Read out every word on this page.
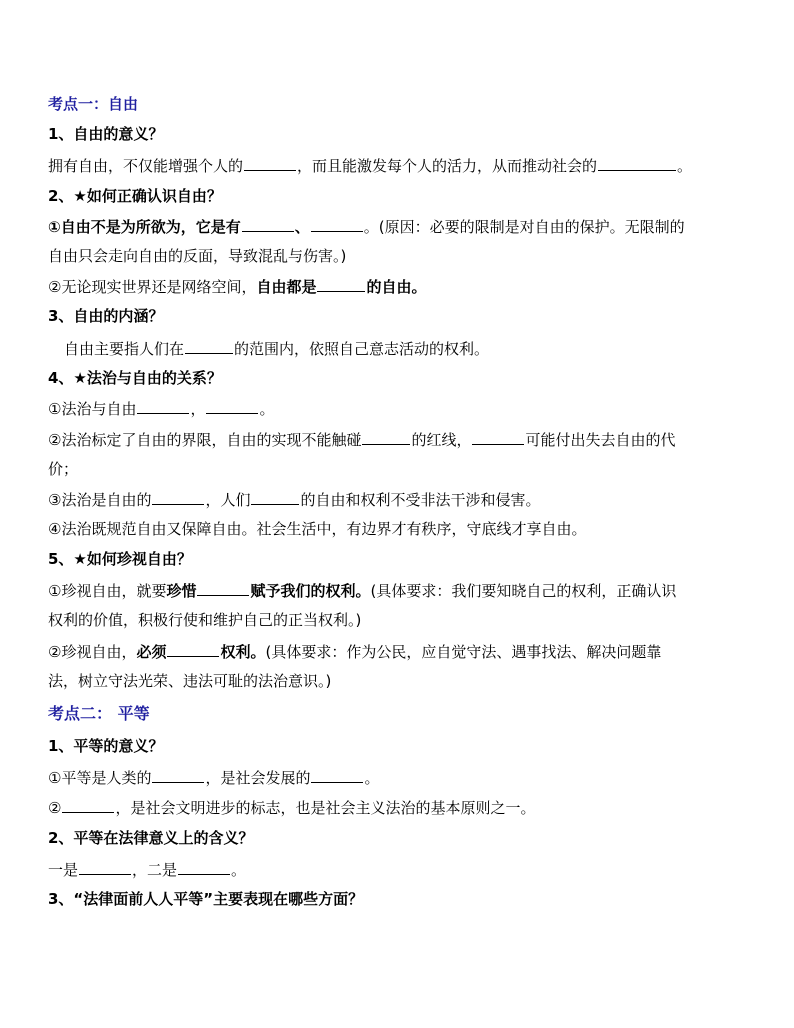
考点一：自由
1、自由的意义？
拥有自由，不仅能增强个人的	，而且能激发每个人的活力，从而推动社会的	。
2、★如何正确认识自由？
①自由不是为所欲为，它是有	、	。(原因：必要的限制是对自由的保护。无限制的
自由只会走向自由的反面，导致混乱与伤害。)
②无论现实世界还是网络空间，自由都是	的自由。
3、自由的内涵？
自由主要指人们在	的范围内，依照自己意志活动的权利。
4、★法治与自由的关系？
①法治与自由	，	。
②法治标定了自由的界限，自由的实现不能触碰	的红线，	可能付出失去自由的代
价；
③法治是自由的	，人们	的自由和权利不受非法干涉和侵害。
④法治既规范自由又保障自由。社会生活中，有边界才有秩序，守底线才享自由。
5、★如何珍视自由？
①珍视自由，就要珍惜	赋予我们的权利。(具体要求：我们要知晓自己的权利，正确认识
权利的价值，积极行使和维护自己的正当权利。)
②珍视自由，必须	权利。(具体要求：作为公民，应自觉守法、遇事找法、解决问题靠
法，树立守法光荣、违法可耻的法治意识。)
考点二： 平等
1、平等的意义？
①平等是人类的	，是社会发展的	。
②	，是社会文明进步的标志，也是社会主义法治的基本原则之一。
2、平等在法律意义上的含义？
一是	，二是	。
3、“法律面前人人平等”主要表现在哪些方面？
